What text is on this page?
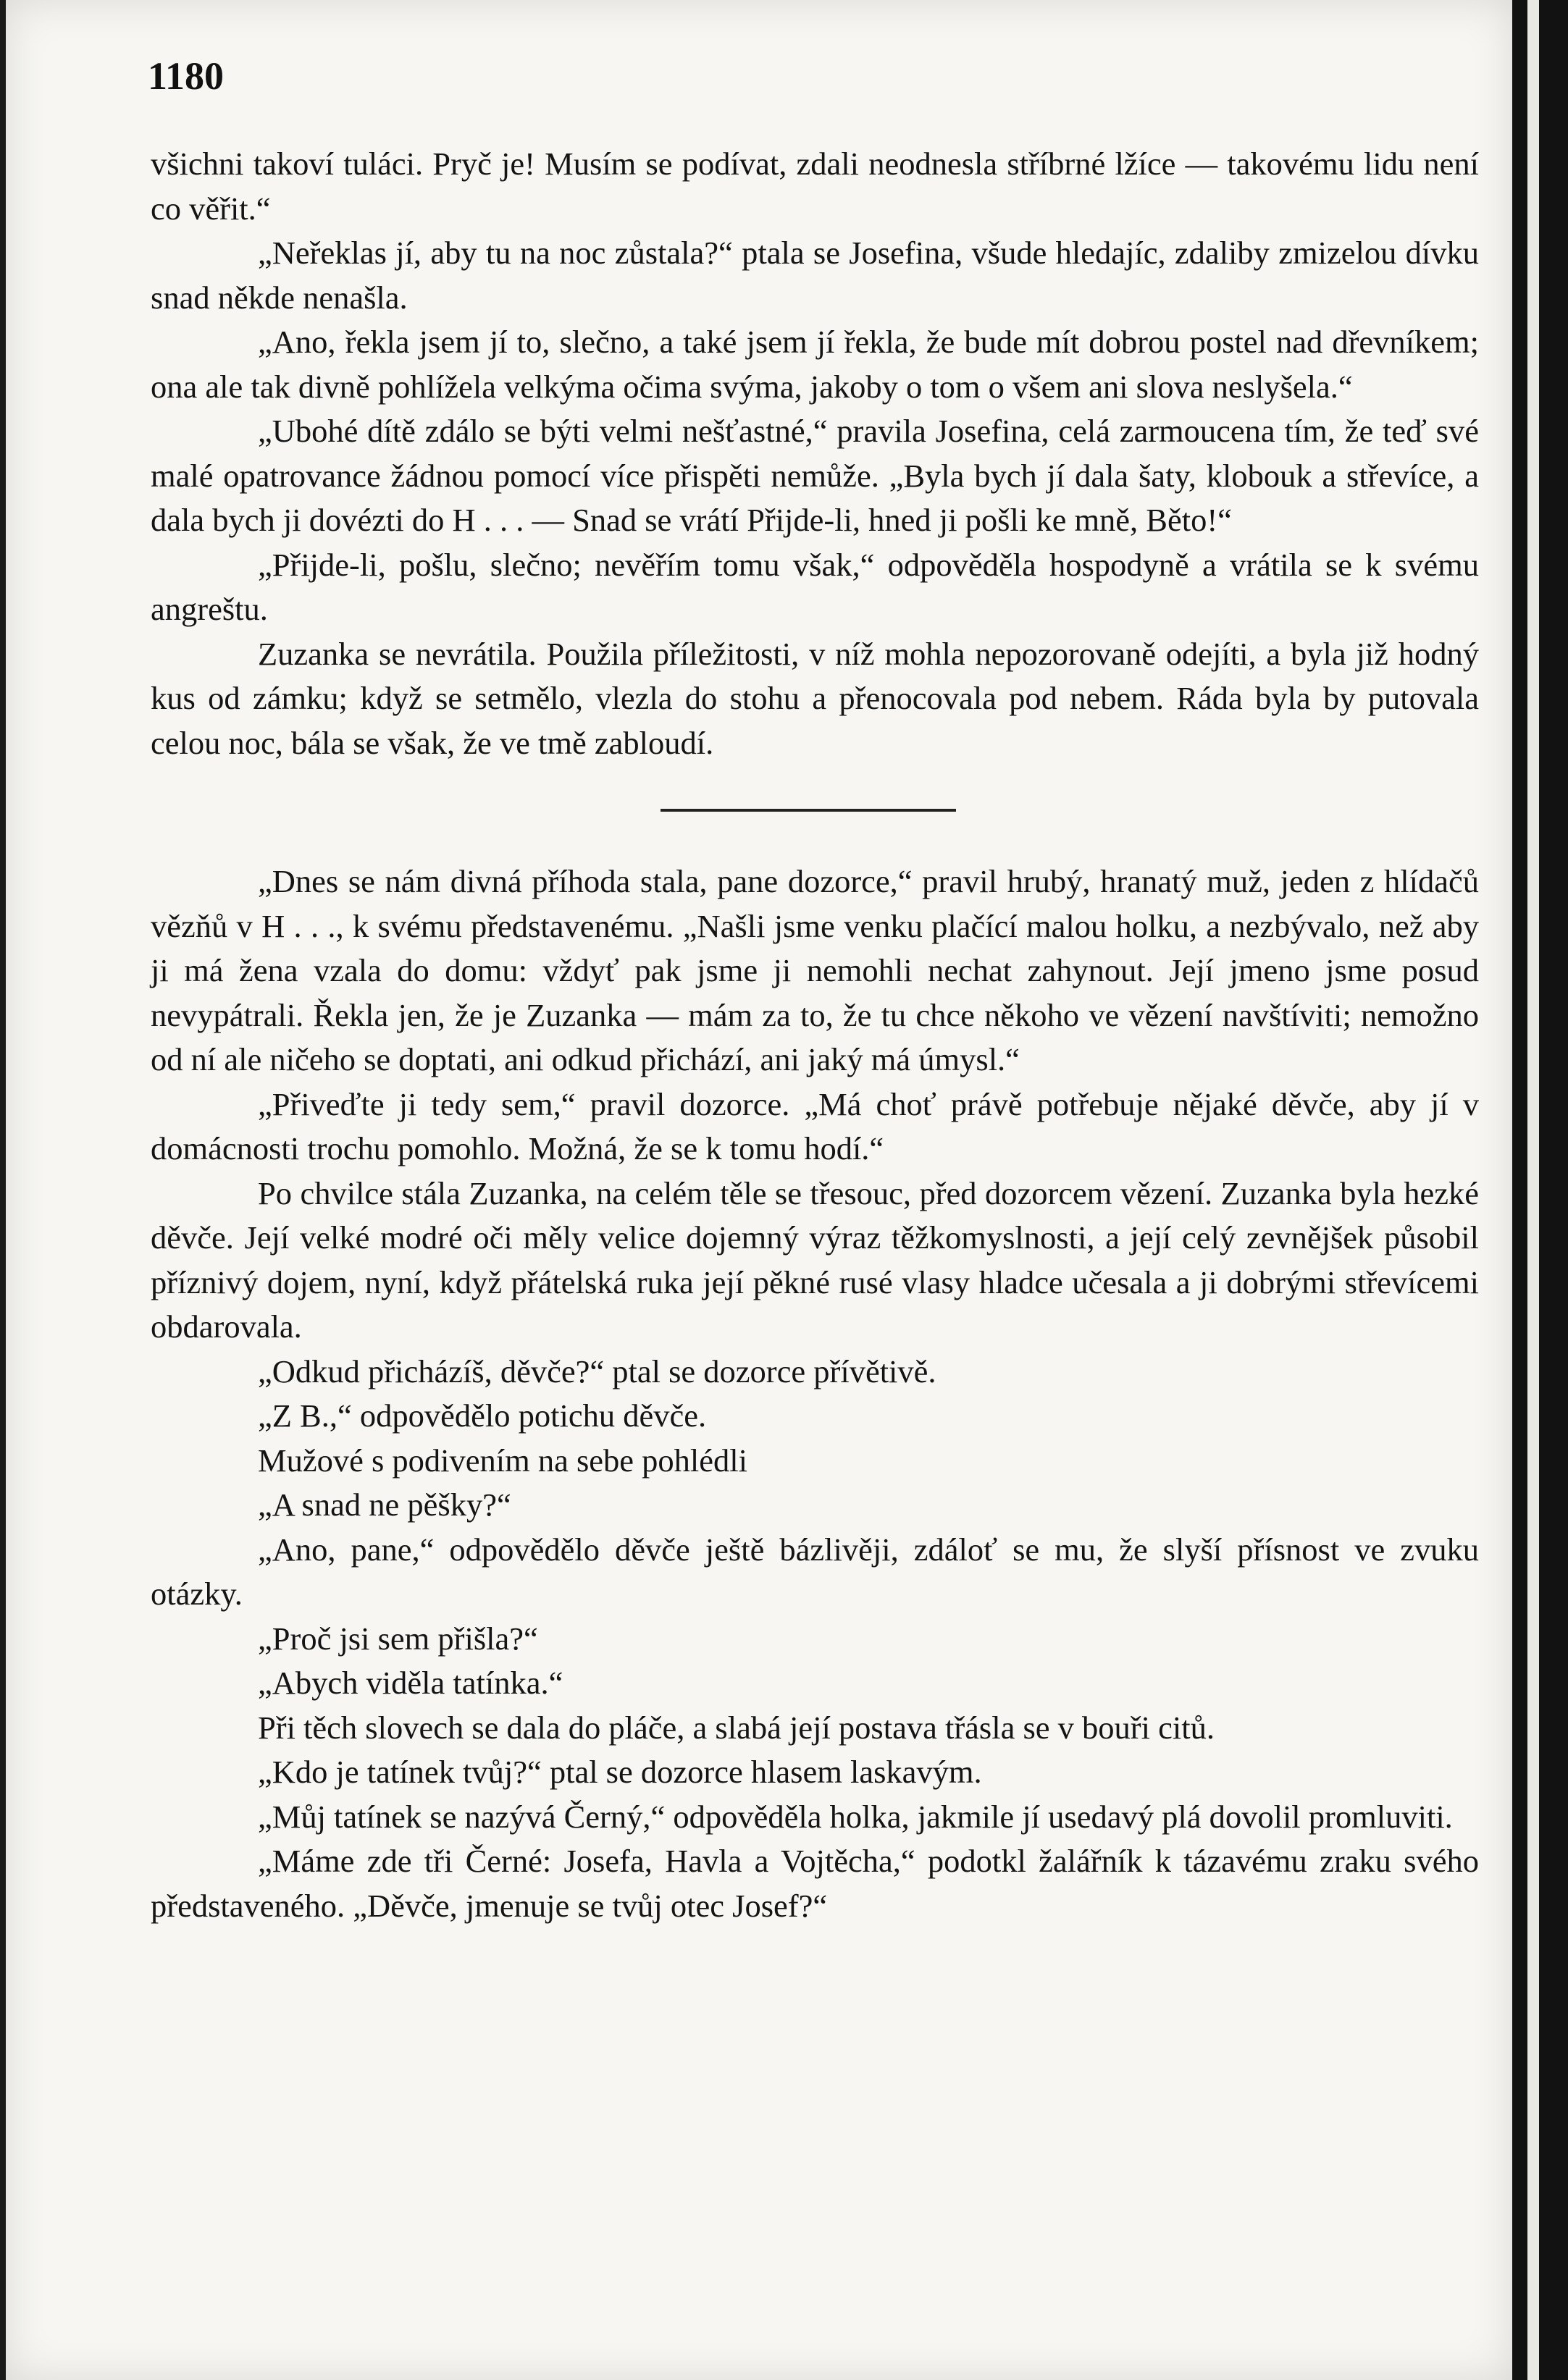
1180

všichni takoví tuláci. Pryč je! Musím se podívat, zdali neodnesla stříbrné lžíce — takovému lidu není co věřit.“

„Neřeklas jí, aby tu na noc zůstala?“ ptala se Josefina, všude hledajíc, zdaliby zmizelou dívku snad někde nenašla.

„Ano, řekla jsem jí to, slečno, a také jsem jí řekla, že bude mít dobrou postel nad dřevníkem; ona ale tak divně pohlížela velkýma očima svýma, jakoby o tom o všem ani slova neslyšela.“

„Ubohé dítě zdálo se býti velmi nešťastné,“ pravila Josefina, celá zarmoucena tím, že teď své malé opatrovance žádnou pomocí více přispěti nemůže. „Byla bych jí dala šaty, klobouk a střevíce, a dala bych ji dovézti do H . . . — Snad se vrátí Přijde-li, hned ji pošli ke mně, Běto!“

„Přijde-li, pošlu, slečno; nevěřím tomu však,“ odpověděla hospodyně a vrátila se k svému angreštu.

Zuzanka se nevrátila. Použila příležitosti, v níž mohla nepozorovaně odejíti, a byla již hodný kus od zámku; když se setmělo, vlezla do stohu a přenocovala pod nebem. Ráda byla by putovala celou noc, bála se však, že ve tmě zabloudí.

„Dnes se nám divná příhoda stala, pane dozorce,“ pravil hrubý, hranatý muž, jeden z hlídačů vězňů v H . . ., k svému představenému. „Našli jsme venku plačící malou holku, a nezbývalo, než aby ji má žena vzala do domu: vždyť pak jsme ji nemohli nechat zahynout. Její jmeno jsme posud nevypátrali. Řekla jen, že je Zuzanka — mám za to, že tu chce někoho ve vězení navštíviti; nemožno od ní ale ničeho se doptati, ani odkud přichází, ani jaký má úmysl.“

„Přiveďte ji tedy sem,“ pravil dozorce. „Má choť právě potřebuje nějaké děvče, aby jí v domácnosti trochu pomohlo. Možná, že se k tomu hodí.“

Po chvilce stála Zuzanka, na celém těle se třesouc, před dozorcem vězení. Zuzanka byla hezké děvče. Její velké modré oči měly velice dojemný výraz těžkomyslnosti, a její celý zevnějšek působil příznivý dojem, nyní, když přátelská ruka její pěkné rusé vlasy hladce učesala a ji dobrými střevícemi obdarovala.

„Odkud přicházíš, děvče?“ ptal se dozorce přívětivě.

„Z B.,“ odpovědělo potichu děvče.

Mužové s podivením na sebe pohlédli

„A snad ne pěšky?“

„Ano, pane,“ odpovědělo děvče ještě bázlivěji, zdáloť se mu, že slyší přísnost ve zvuku otázky.

„Proč jsi sem přišla?“

„Abych viděla tatínka.“

Při těch slovech se dala do pláče, a slabá její postava třásla se v bouři citů.

„Kdo je tatínek tvůj?“ ptal se dozorce hlasem laskavým.

„Můj tatínek se nazývá Černý,“ odpověděla holka, jakmile jí usedavý plá dovolil promluviti.

„Máme zde tři Černé: Josefa, Havla a Vojtěcha,“ podotkl žalářník k tázavému zraku svého představeného. „Děvče, jmenuje se tvůj otec Josef?“
